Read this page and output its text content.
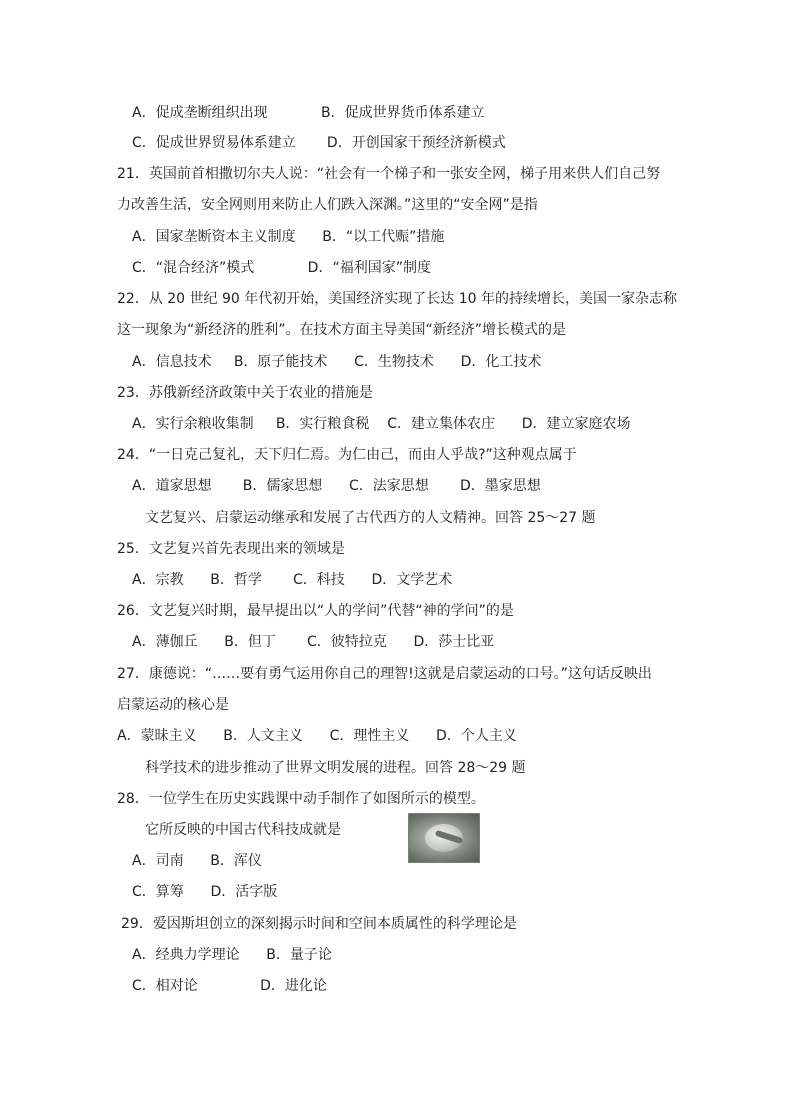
A．促成垄断组织出现            B．促成世界货币体系建立
C．促成世界贸易体系建立       D．开创国家干预经济新模式
21．英国前首相撒切尔夫人说：“社会有一个梯子和一张安全网，梯子用来供人们自己努
力改善生活，安全网则用来防止人们跌入深渊。”这里的“安全网”是指
A．国家垄断资本主义制度      B．“以工代赈”措施
C．“混合经济”模式            D．“福利国家”制度
22．从 20 世纪 90 年代初开始，美国经济实现了长达 10 年的持续增长，美国一家杂志称
这一现象为“新经济的胜利”。在技术方面主导美国“新经济”增长模式的是
A．信息技术     B．原子能技术      C．生物技术      D．化工技术
23．苏俄新经济政策中关于农业的措施是
A．实行余粮收集制     B．实行粮食税    C．建立集体农庄      D．建立家庭农场
24．“一日克己复礼，天下归仁焉。为仁由己，而由人乎哉?”这种观点属于
A．道家思想       B．儒家思想      C．法家思想       D．墨家思想
文艺复兴、启蒙运动继承和发展了古代西方的人文精神。回答 25～27 题
25．文艺复兴首先表现出来的领域是
A．宗教      B．哲学       C．科技      D．文学艺术
26．文艺复兴时期，最早提出以“人的学问”代替“神的学问”的是
A．薄伽丘      B．但丁       C．彼特拉克      D．莎士比亚
27．康德说：“……要有勇气运用你自己的理智!这就是启蒙运动的口号。”这句话反映出
启蒙运动的核心是
A．蒙昧主义      B．人文主义      C．理性主义      D．个人主义
科学技术的进步推动了世界文明发展的进程。回答 28～29 题
28．一位学生在历史实践课中动手制作了如图所示的模型。
它所反映的中国古代科技成就是
A．司南      B．浑仪
C．算筹      D．活字版
29．爱因斯坦创立的深刻揭示时间和空间本质属性的科学理论是
A．经典力学理论      B．量子论
C．相对论              D．进化论
